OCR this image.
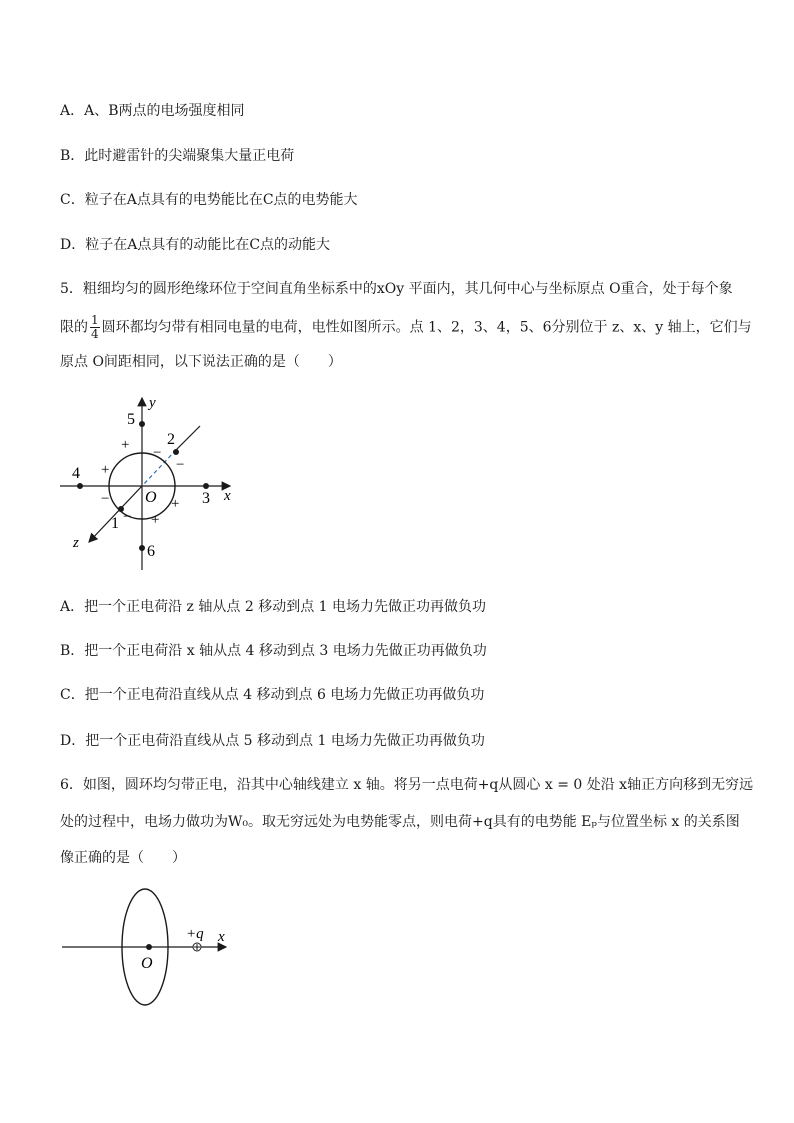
A．A、B两点的电场强度相同
B．此时避雷针的尖端聚集大量正电荷
C．粒子在A点具有的电势能比在C点的电势能大
D．粒子在A点具有的动能比在C点的动能大
5．粗细均匀的圆形绝缘环位于空间直角坐标系中的xOy 平面内，其几何中心与坐标原点 O重合，处于每个象
限的 $\frac{1}{4}$ 圆环都均匀带有相同电量的电荷，电性如图所示。点 1、2，3、4，5、6分别位于 z、x、y 轴上，它们与
原点 O间距相同，以下说法正确的是（　　）
5
y
2
4
3 x
O
1
6
z
+
+
−
−
−	+
− +
A．把一个正电荷沿 z 轴从点 2 移动到点 1 电场力先做正功再做负功
B．把一个正电荷沿 x 轴从点 4 移动到点 3 电场力先做正功再做负功
C．把一个正电荷沿直线从点 4 移动到点 6 电场力先做正功再做负功
D．把一个正电荷沿直线从点 5 移动到点 1 电场力先做正功再做负功
6．如图，圆环均匀带正电，沿其中心轴线建立 x 轴。将另一点电荷+q从圆心 x = 0 处沿 x轴正方向移到无穷远
处的过程中，电场力做功为W₀。取无穷远处为电势能零点，则电荷+q具有的电势能 Eₚ与位置坐标 x 的关系图
像正确的是（　　）
+q x
O
